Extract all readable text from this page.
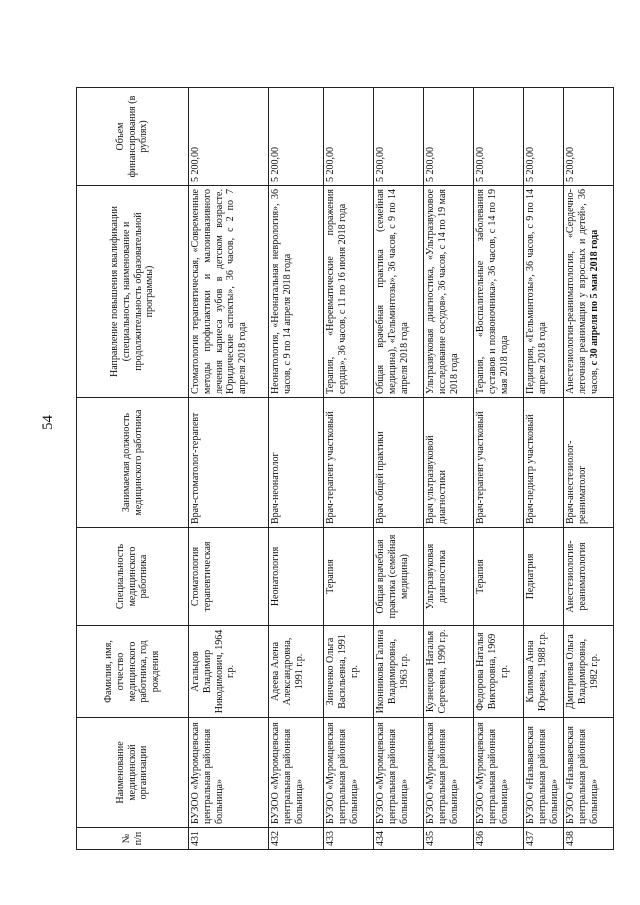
54
№ п/п	Наименование медицинской организации	Фамилия, имя, отчество медицинского работника, год рождения	Специальность медицинского работника	Занимаемая должность медицинского работника	Направление повышения квалификации (специальность, наименование и продолжительность образовательной программы)	Объем финансирования (в рублях)
431	БУЗОО «Муромцевская центральная районная больница»	Агальцов Владимир Никодимович, 1964 г.р.	Стоматология терапевтическая	Врач-стоматолог-терапевт	Стоматология терапевтическая, «Современные методы профилактики и малоинвазивного лечения кариеса зубов в детском возрасте. Юридические аспекты», 36 часов, с 2 по 7 апреля 2018 года	5 200,00
432	БУЗОО «Муромцевская центральная районная больница»	Адеева Алена Александровна, 1991 г.р.	Неонатология	Врач-неонатолог	Неонатология, «Неонатальная неврология», 36 часов, с 9 по 14 апреля 2018 года	5 200,00
433	БУЗОО «Муромцевская центральная районная больница»	Зинченко Ольга Васильевна, 1991 г.р.	Терапия	Врач-терапевт участковый	Терапия, «Неревматические поражения сердца», 36 часов, с 11 по 16 июня 2018 года	5 200,00
434	БУЗОО «Муромцевская центральная районная больница»	Иконникова Галина Владимировна, 1963 г.р.	Общая врачебная практика (семейная медицина)	Врач общей практики	Общая врачебная практика (семейная медицина), «Гельминтозы», 36 часов, с 9 по 14 апреля 2018 года	5 200,00
435	БУЗОО «Муромцевская центральная районная больница»	Кузнецова Наталья Сергеевна, 1990 г.р.	Ультразвуковая диагностика	Врач ультразвуковой диагностики	Ультразвуковая диагностика, «Ультразвуковое исследование сосудов», 36 часов, с 14 по 19 мая 2018 года	5 200,00
436	БУЗОО «Муромцевская центральная районная больница»	Федорова Наталья Викторовна, 1969 г.р.	Терапия	Врач-терапевт участковый	Терапия, «Воспалительные заболевания суставов и позвоночника», 36 часов, с 14 по 19 мая 2018 года	5 200,00
437	БУЗОО «Называевская центральная районная больница»	Климова Анна Юрьевна, 1988 г.р.	Педиатрия	Врач-педиатр участковый	Педиатрия, «Гельминтозы», 36 часов, с 9 по 14 апреля 2018 года	5 200,00
438	БУЗОО «Называевская центральная районная больница»	Дмитриева Ольга Владимировна, 1982 г.р.	Анестезиология-реаниматология	Врач-анестезиолог-реаниматолог	Анестезиология-реаниматология, «Сердечно-легочная реанимация у взрослых и детей», 36 часов, с 30 апреля по 5 мая 2018 года	5 200,00
